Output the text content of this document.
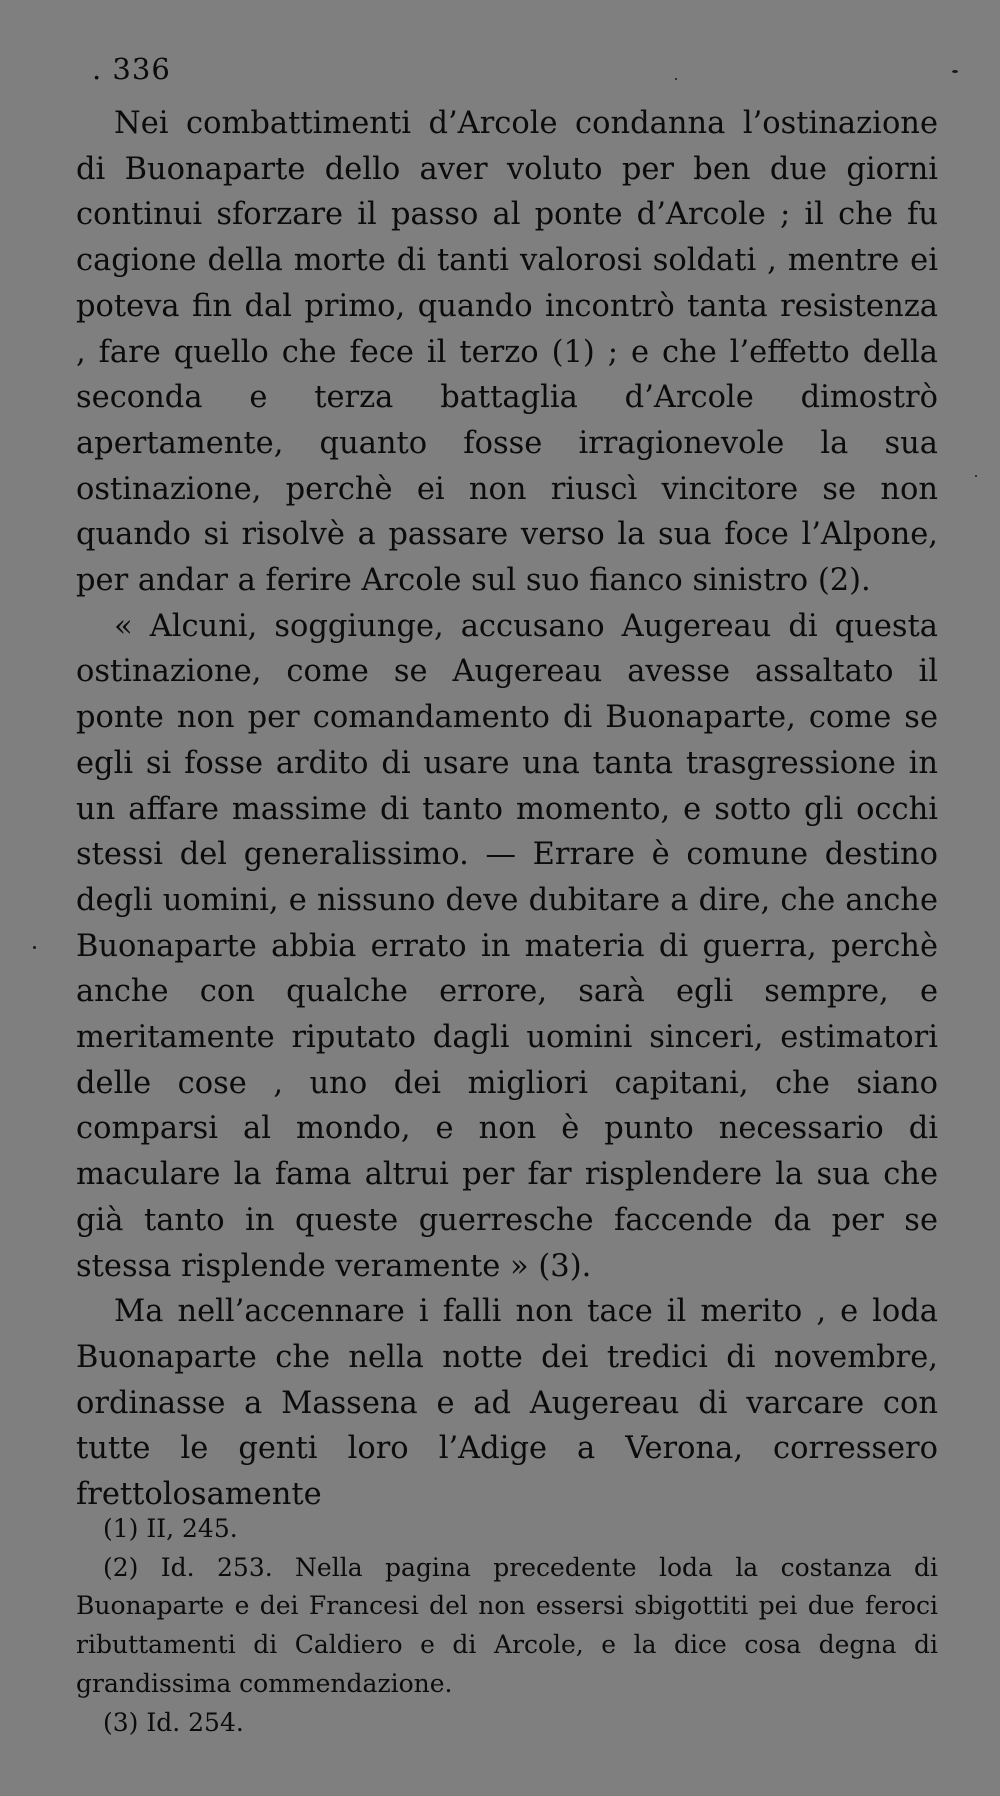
. 336

Nei combattimenti d’Arcole condanna l’ostinazione di Buonaparte dello aver voluto per ben due giorni continui sforzare il passo al ponte d’Arcole ; il che fu cagione della morte di tanti valorosi soldati , mentre ei poteva fin dal primo, quando incontrò tanta resistenza , fare quello che fece il terzo (1) ; e che l’effetto della seconda e terza battaglia d’Arcole dimostrò apertamente, quanto fosse irragionevole la sua ostinazione, perchè ei non riuscì vincitore se non quando si risolvè a passare verso la sua foce l’Alpone, per andar a ferire Arcole sul suo fianco sinistro (2).

« Alcuni, soggiunge, accusano Augereau di questa ostinazione, come se Augereau avesse assaltato il ponte non per comandamento di Buonaparte, come se egli si fosse ardito di usare una tanta trasgressione in un affare massime di tanto momento, e sotto gli occhi stessi del generalissimo. — Errare è comune destino degli uomini, e nissuno deve dubitare a dire, che anche Buonaparte abbia errato in materia di guerra, perchè anche con qualche errore, sarà egli sempre, e meritamente riputato dagli uomini sinceri, estimatori delle cose , uno dei migliori capitani, che siano comparsi al mondo, e non è punto necessario di maculare la fama altrui per far risplendere la sua che già tanto in queste guerresche faccende da per se stessa risplende veramente » (3).

Ma nell’accennare i falli non tace il merito , e loda Buonaparte che nella notte dei tredici di novembre, ordinasse a Massena e ad Augereau di varcare con tutte le genti loro l’Adige a Verona, corressero frettolosamente

(1) II, 245.

(2) Id. 253. Nella pagina precedente loda la costanza di Buonaparte e dei Francesi del non essersi sbigottiti pei due feroci ributtamenti di Caldiero e di Arcole, e la dice cosa degna di grandissima commendazione.

(3) Id. 254.
